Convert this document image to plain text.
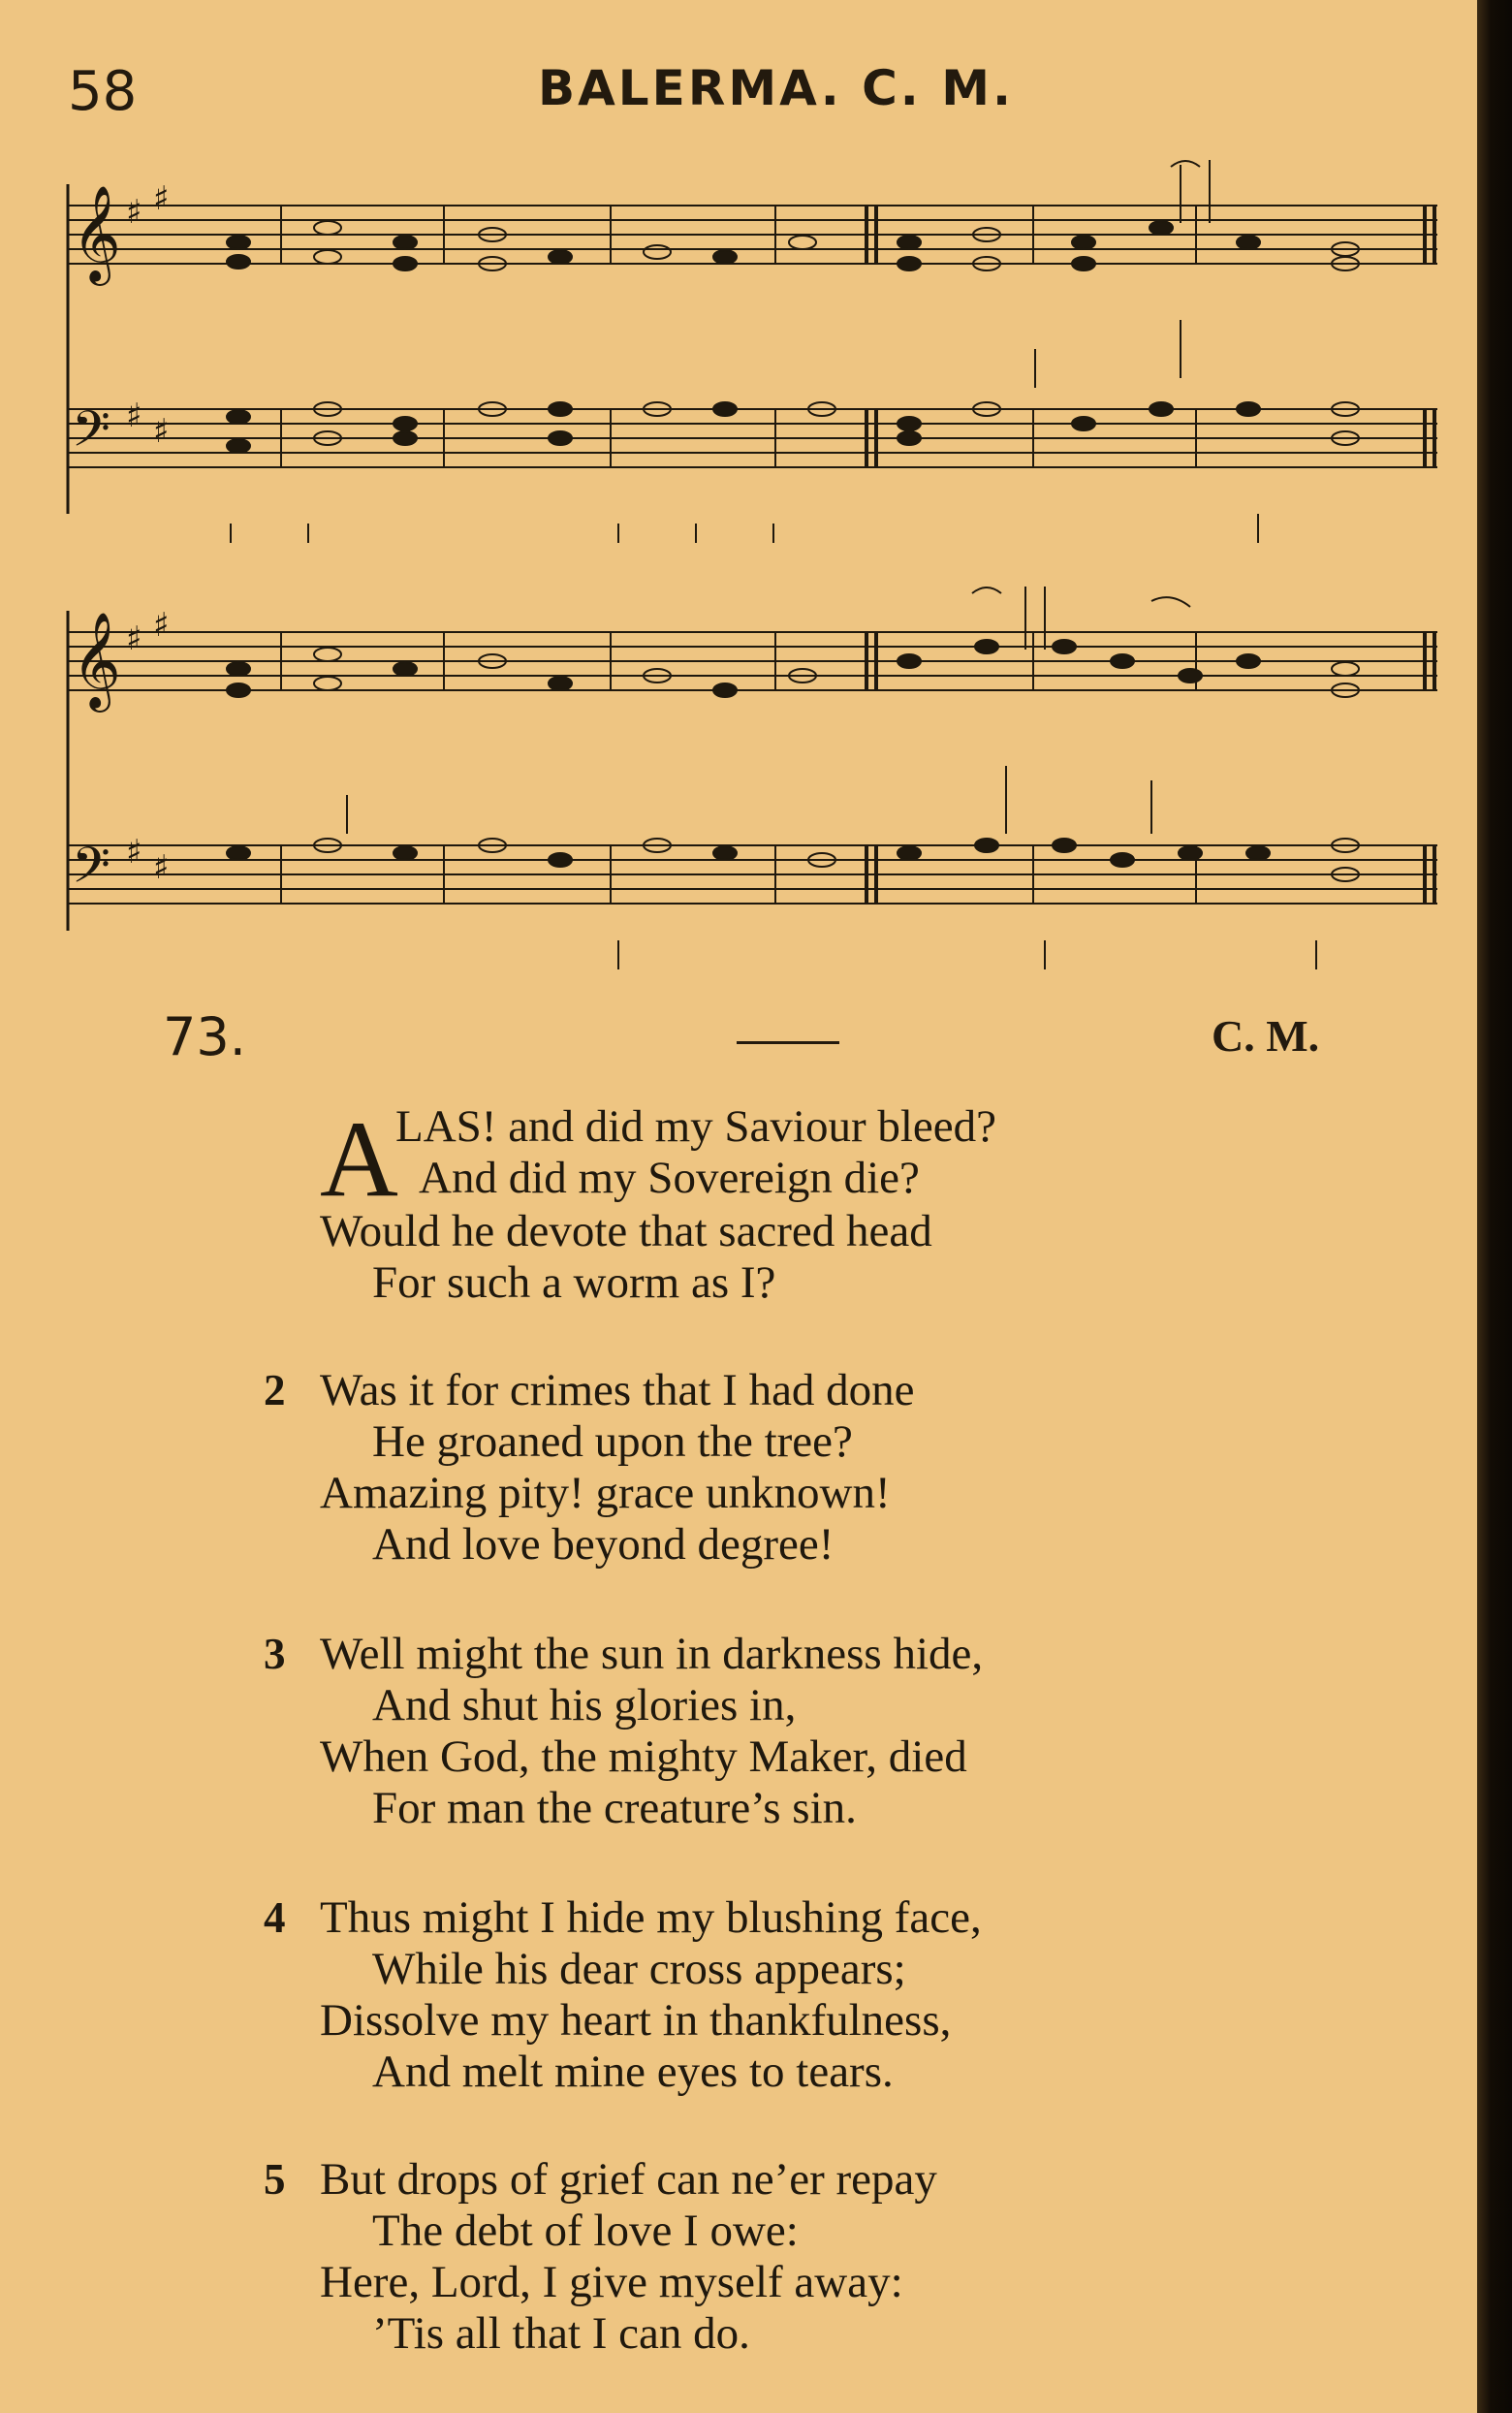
58	BALERMA. C. M.
𝄞
𝄢
𝄞
𝄢
♯ ♯
♯ ♯
♯ ♯
♯ ♯
73.	C. M.
A
LAS! and did my Saviour bleed?
And did my Sovereign die?
Would he devote that sacred head
For such a worm as I?
2 Was it for crimes that I had done
He groaned upon the tree?
Amazing pity! grace unknown!
And love beyond degree!
3 Well might the sun in darkness hide,
And shut his glories in,
When God, the mighty Maker, died
For man the creature’s sin.
4 Thus might I hide my blushing face,
While his dear cross appears;
Dissolve my heart in thankfulness,
And melt mine eyes to tears.
5 But drops of grief can ne’er repay
The debt of love I owe:
Here, Lord, I give myself away:
’Tis all that I can do.
